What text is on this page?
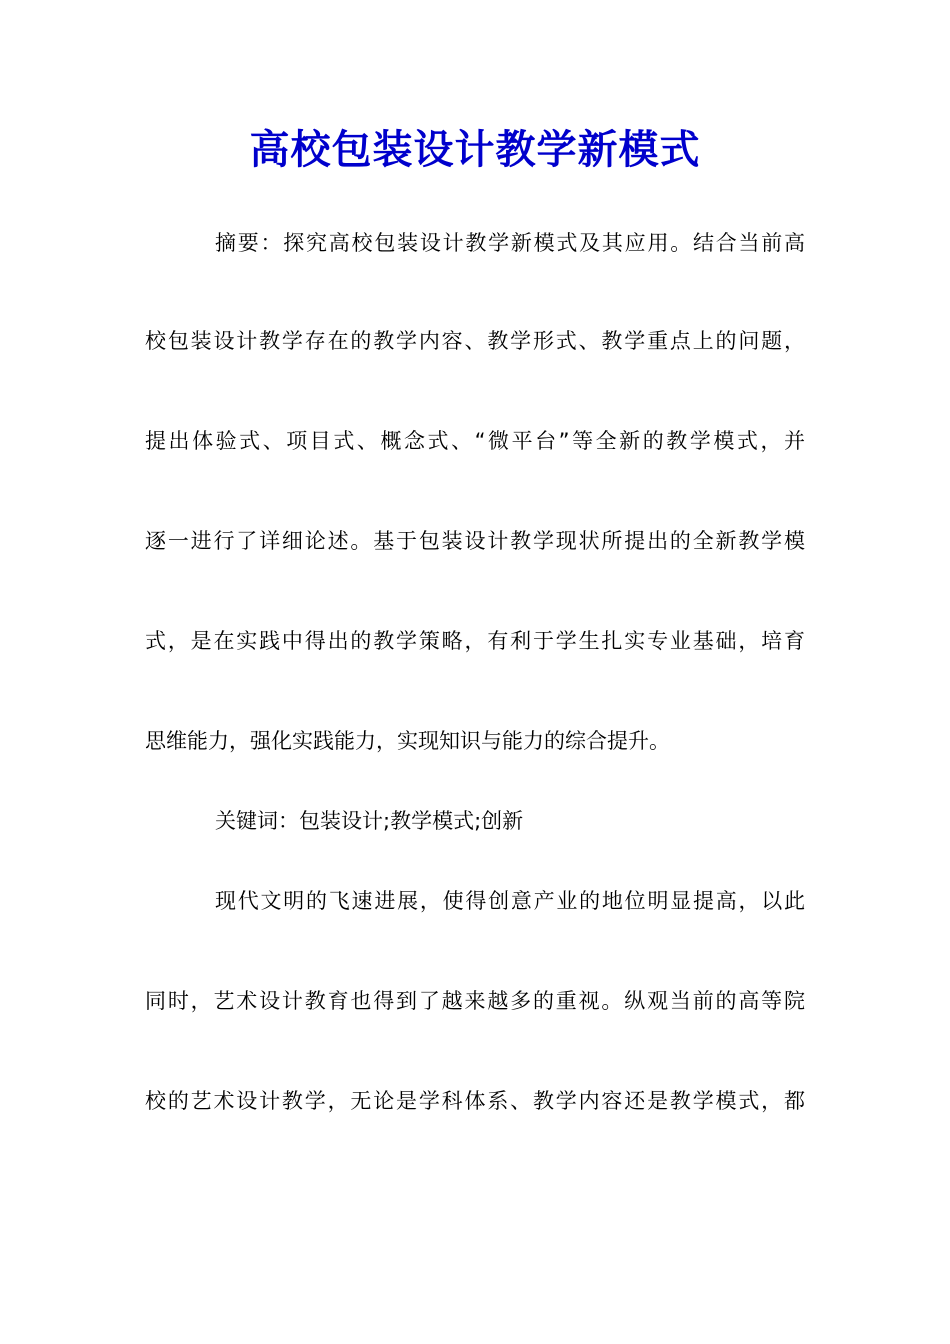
高校包装设计教学新模式

摘要：探究高校包装设计教学新模式及其应用。结合当前高

校包装设计教学存在的教学内容、教学形式、教学重点上的问题，

提出体验式、项目式、概念式、“微平台”等全新的教学模式，并

逐一进行了详细论述。基于包装设计教学现状所提出的全新教学模

式，是在实践中得出的教学策略，有利于学生扎实专业基础，培育

思维能力，强化实践能力，实现知识与能力的综合提升。

关键词：包装设计;教学模式;创新

现代文明的飞速进展，使得创意产业的地位明显提高，以此

同时，艺术设计教育也得到了越来越多的重视。纵观当前的高等院

校的艺术设计教学，无论是学科体系、教学内容还是教学模式，都
